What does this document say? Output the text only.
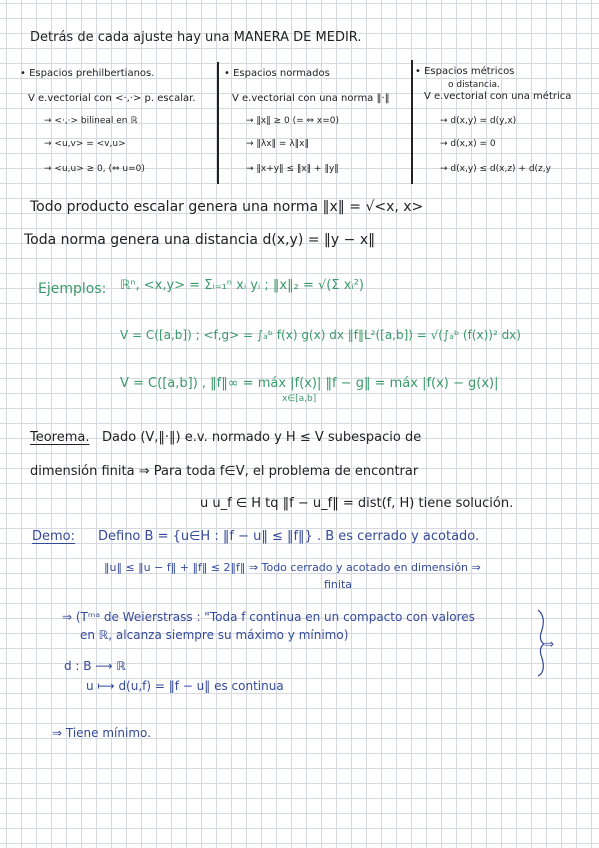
Detrás de cada ajuste hay una MANERA DE MEDIR.
• Espacios prehilbertianos.
V e.vectorial con <·,·> p. escalar.
→ <·,·> bilineal en ℝ
→ <u,v> = <v,u>
→ <u,u> ≥ 0, (⇔ u=0)
• Espacios normados
V e.vectorial con una norma ‖·‖
→ ‖x‖ ≥ 0 (= ⇔ x=0)
→ ‖λx‖ = λ‖x‖
→ ‖x+y‖ ≤ ‖x‖ + ‖y‖
• Espacios métricos
o distancia.
V e.vectorial con una métrica
→ d(x,y) = d(y,x)
→ d(x,x) = 0
→ d(x,y) ≤ d(x,z) + d(z,y
Todo producto escalar genera una norma ‖x‖ = √<x, x>
Toda norma genera una distancia d(x,y) = ‖y − x‖
Ejemplos: ℝⁿ, <x,y> = Σᵢ₌₁ⁿ xᵢ yᵢ ; ‖x‖₂ = √(Σ xᵢ²)
V = C([a,b]) ; <f,g> = ∫ₐᵇ f(x) g(x) dx ‖f‖L²([a,b]) = √(∫ₐᵇ (f(x))² dx)
V = C([a,b]) , ‖f‖∞ = máx |f(x)| ‖f − g‖ = máx |f(x) − g(x)|
x∈[a,b]
Teorema. Dado (V,‖·‖) e.v. normado y H ≤ V subespacio de
dimensión finita ⇒ Para toda f∈V, el problema de encontrar
u u_f ∈ H tq ‖f − u_f‖ = dist(f, H) tiene solución.
Demo: Defino B = {u∈H : ‖f − u‖ ≤ ‖f‖} . B es cerrado y acotado.
‖u‖ ≤ ‖u − f‖ + ‖f‖ ≤ 2‖f‖ ⇒ Todo cerrado y acotado en dimensión ⇒
finita
⇒ (Tᵐᵃ de Weierstrass : "Toda f continua en un compacto con valores
en ℝ, alcanza siempre su máximo y mínimo)
⇒
d : B ⟶ ℝ
u ⟼ d(u,f) = ‖f − u‖ es continua
⇒ Tiene mínimo.
